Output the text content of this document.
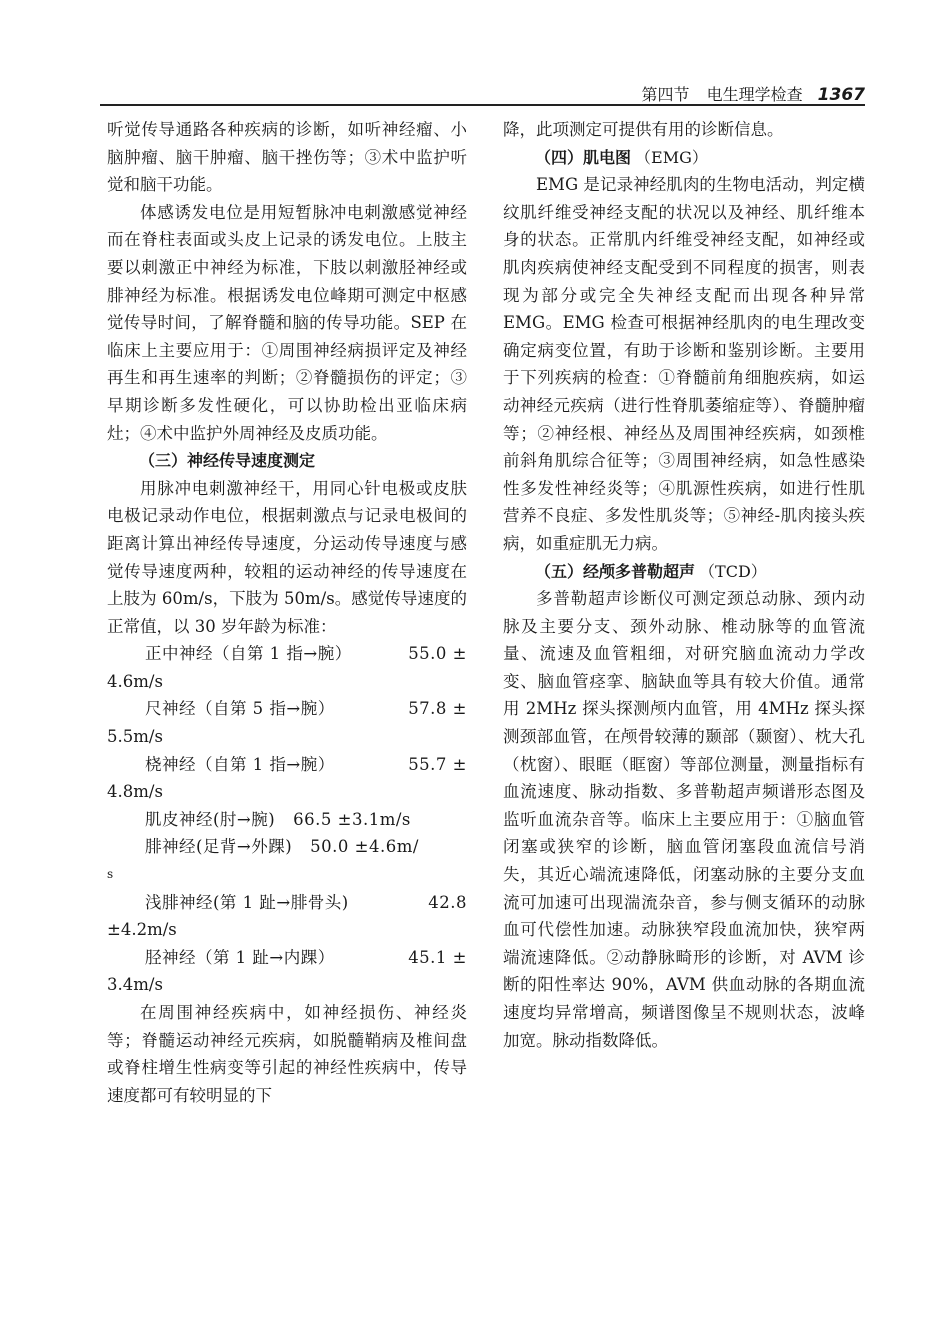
第四节 电生理学检查 1367

听觉传导通路各种疾病的诊断，如听神经瘤、小脑肿瘤、脑干肿瘤、脑干挫伤等；③术中监护听觉和脑干功能。

体感诱发电位是用短暂脉冲电刺激感觉神经而在脊柱表面或头皮上记录的诱发电位。上肢主要以刺激正中神经为标准，下肢以刺激胫神经或腓神经为标准。根据诱发电位峰期可测定中枢感觉传导时间，了解脊髓和脑的传导功能。SEP 在临床上主要应用于：①周围神经病损评定及神经再生和再生速率的判断；②脊髓损伤的评定；③早期诊断多发性硬化，可以协助检出亚临床病灶；④术中监护外周神经及皮质功能。

（三）神经传导速度测定

用脉冲电刺激神经干，用同心针电极或皮肤电极记录动作电位，根据刺激点与记录电极间的距离计算出神经传导速度，分运动传导速度与感觉传导速度两种，较粗的运动神经的传导速度在上肢为 60m/s，下肢为 50m/s。感觉传导速度的正常值，以 30 岁年龄为标准：

正中神经（自第 1 指→腕）	55.0 ±
4.6m/s
尺神经（自第 5 指→腕）	57.8 ±
5.5m/s
桡神经（自第 1 指→腕）	55.7 ±
4.8m/s
肌皮神经(肘→腕) 66.5 ±3.1m/s
腓神经(足背→外踝) 50.0 ±4.6m/
s
浅腓神经(第 1 趾→腓骨头)	42.8
±4.2m/s
胫神经（第 1 趾→内踝）	45.1 ±
3.4m/s

在周围神经疾病中，如神经损伤、神经炎等；脊髓运动神经元疾病，如脱髓鞘病及椎间盘或脊柱增生性病变等引起的神经性疾病中，传导速度都可有较明显的下

降，此项测定可提供有用的诊断信息。

（四）肌电图 （EMG）

EMG 是记录神经肌肉的生物电活动，判定横纹肌纤维受神经支配的状况以及神经、肌纤维本身的状态。正常肌内纤维受神经支配，如神经或肌肉疾病使神经支配受到不同程度的损害，则表现为部分或完全失神经支配而出现各种异常 EMG。EMG 检查可根据神经肌肉的电生理改变确定病变位置，有助于诊断和鉴别诊断。主要用于下列疾病的检查：①脊髓前角细胞疾病，如运动神经元疾病（进行性脊肌萎缩症等）、脊髓肿瘤等；②神经根、神经丛及周围神经疾病，如颈椎前斜角肌综合征等；③周围神经病，如急性感染性多发性神经炎等；④肌源性疾病，如进行性肌营养不良症、多发性肌炎等；⑤神经-肌肉接头疾病，如重症肌无力病。

（五）经颅多普勒超声 （TCD）

多普勒超声诊断仪可测定颈总动脉、颈内动脉及主要分支、颈外动脉、椎动脉等的血管流量、流速及血管粗细，对研究脑血流动力学改变、脑血管痉挛、脑缺血等具有较大价值。通常用 2MHz 探头探测颅内血管，用 4MHz 探头探测颈部血管，在颅骨较薄的颞部（颞窗）、枕大孔（枕窗）、眼眶（眶窗）等部位测量，测量指标有血流速度、脉动指数、多普勒超声频谱形态图及监听血流杂音等。临床上主要应用于：①脑血管闭塞或狭窄的诊断，脑血管闭塞段血流信号消失，其近心端流速降低，闭塞动脉的主要分支血流可加速可出现湍流杂音，参与侧支循环的动脉血可代偿性加速。动脉狭窄段血流加快，狭窄两端流速降低。②动静脉畸形的诊断，对 AVM 诊断的阳性率达 90%，AVM 供血动脉的各期血流速度均异常增高，频谱图像呈不规则状态，波峰加宽。脉动指数降低。
